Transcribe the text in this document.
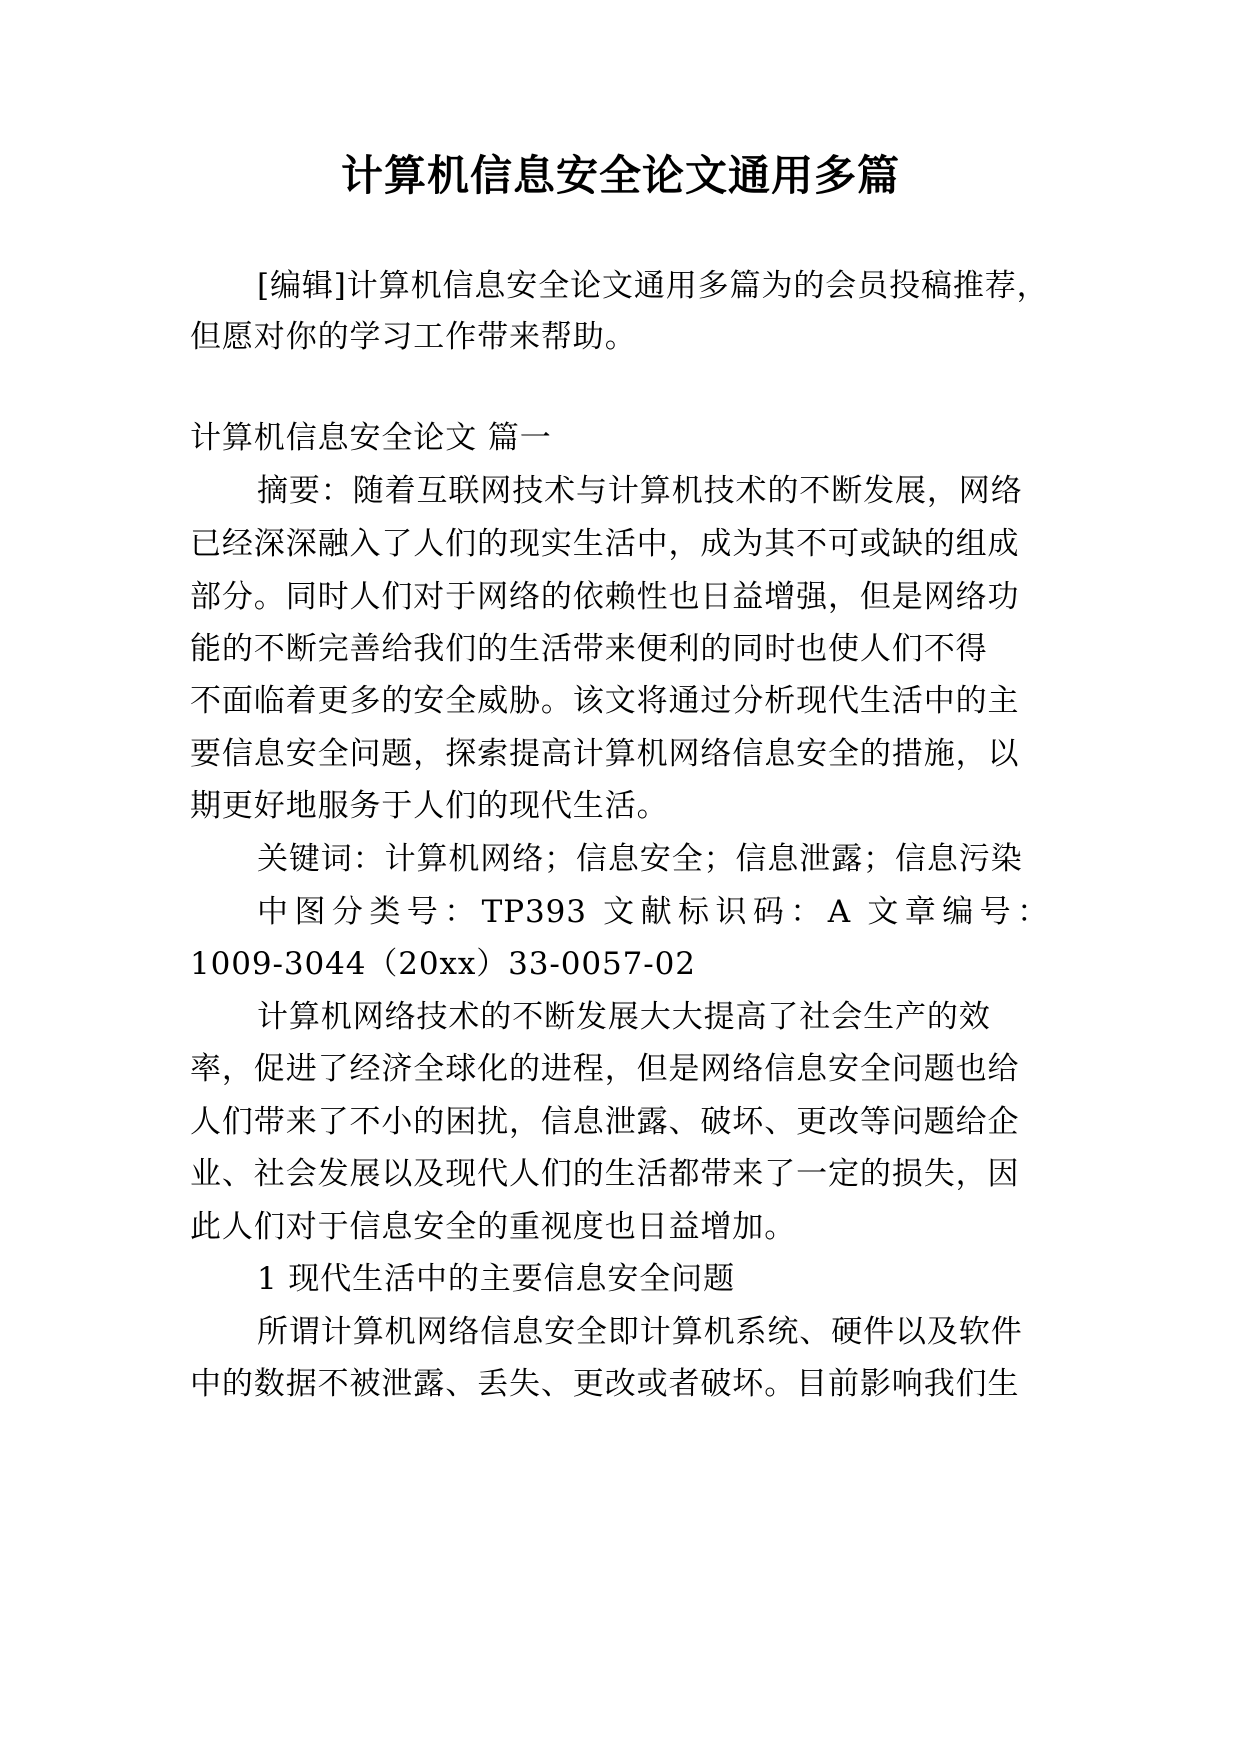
计算机信息安全论文通用多篇
[编辑]计算机信息安全论文通用多篇为的会员投稿推荐，
但愿对你的学习工作带来帮助。
计算机信息安全论文 篇一
摘要：随着互联网技术与计算机技术的不断发展，网络
已经深深融入了人们的现实生活中，成为其不可或缺的组成
部分。同时人们对于网络的依赖性也日益增强，但是网络功
能的不断完善给我们的生活带来便利的同时也使人们不得
不面临着更多的安全威胁。该文将通过分析现代生活中的主
要信息安全问题，探索提高计算机网络信息安全的措施，以
期更好地服务于人们的现代生活。
关键词：计算机网络；信息安全；信息泄露；信息污染
中图分类号：TP393 文献标识码：A 文章编号：
1009-3044（20xx）33-0057-02
计算机网络技术的不断发展大大提高了社会生产的效
率，促进了经济全球化的进程，但是网络信息安全问题也给
人们带来了不小的困扰，信息泄露、破坏、更改等问题给企
业、社会发展以及现代人们的生活都带来了一定的损失，因
此人们对于信息安全的重视度也日益增加。
1 现代生活中的主要信息安全问题
所谓计算机网络信息安全即计算机系统、硬件以及软件
中的数据不被泄露、丢失、更改或者破坏。目前影响我们生
